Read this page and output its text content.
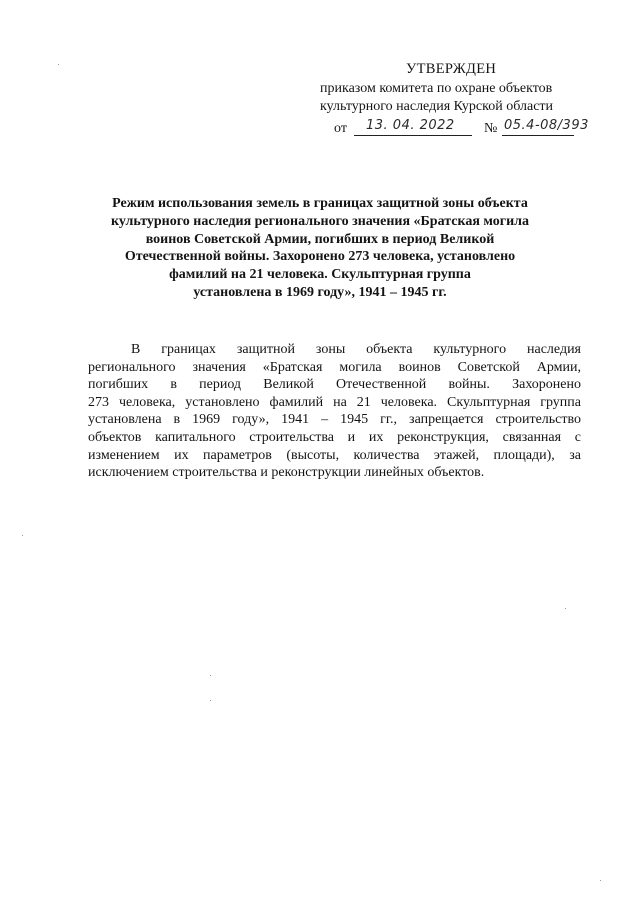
УТВЕРЖДЕН
приказом комитета по охране объектов
культурного наследия Курской области
от 13. 04. 2022 № 05.4-08/393
Режим использования земель в границах защитной зоны объекта
культурного наследия регионального значения «Братская могила
воинов Советской Армии, погибших в период Великой
Отечественной войны. Захоронено 273 человека, установлено
фамилий на 21 человека. Скульптурная группа
установлена в 1969 году», 1941 – 1945 гг.
В границах защитной зоны объекта культурного наследия
регионального значения «Братская могила воинов Советской Армии,
погибших в период Великой Отечественной войны. Захоронено
273 человека, установлено фамилий на 21 человека. Скульптурная группа
установлена в 1969 году», 1941 – 1945 гг., запрещается строительство
объектов капитального строительства и их реконструкция, связанная с
изменением их параметров (высоты, количества этажей, площади), за
исключением строительства и реконструкции линейных объектов.
